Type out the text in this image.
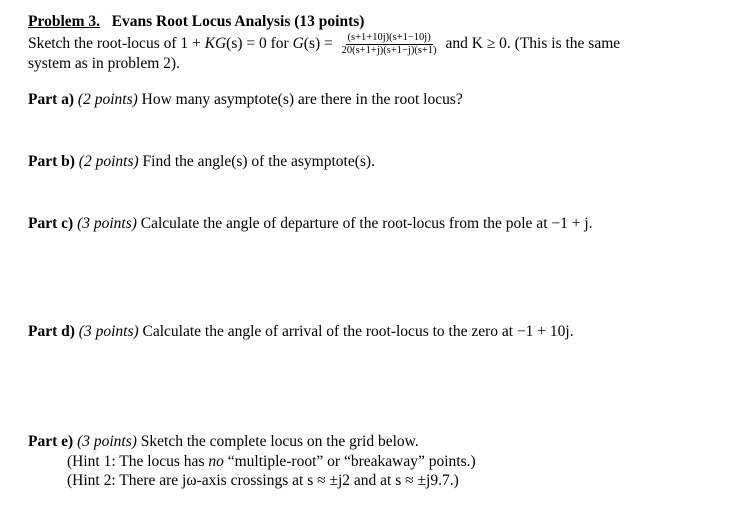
Problem 3. Evans Root Locus Analysis (13 points)
Sketch the root-locus of 1 + KG(s) = 0 for $G(s) = \frac{(s+1+10j)(s+1-10j)}{20(s+1+j)(s+1-j)(s+1)}$ and K ≥ 0. (This is the same
system as in problem 2).
Part a) (2 points) How many asymptote(s) are there in the root locus?
Part b) (2 points) Find the angle(s) of the asymptote(s).
Part c) (3 points) Calculate the angle of departure of the root-locus from the pole at −1 + j.
Part d) (3 points) Calculate the angle of arrival of the root-locus to the zero at −1 + 10j.
Part e) (3 points) Sketch the complete locus on the grid below.
(Hint 1: The locus has no “multiple-root” or “breakaway” points.)
(Hint 2: There are jω-axis crossings at s ≈ ±j2 and at s ≈ ±j9.7.)
